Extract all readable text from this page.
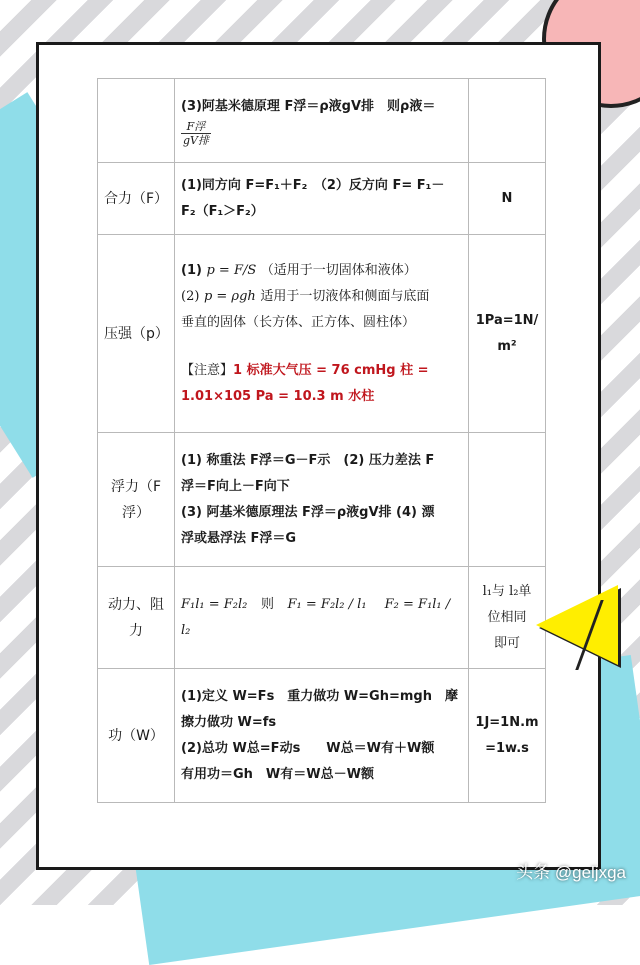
	(3)阿基米德原理 F浮＝ρ液gV排　则ρ液＝
$\frac{\text{F浮}}{\text{gV排}}$

合力（F）	(1)同方向 F=F₁＋F₂　（2）反方向 F= F₁－
F₂（F₁＞F₂）	N
压强（p）	(1) p = F/S （适用于一切固体和液体）
(2) p = ρgh 适用于一切液体和侧面与底面
垂直的固体（长方体、正方体、圆柱体）
【注意】1 标准大气压 = 76 cmHg 柱 =
1.01×105 Pa = 10.3 m 水柱	1Pa=1N/
m²

浮力（F
浮）	(1) 称重法 F浮＝G－F示　(2) 压力差法 F
浮＝F向上－F向下
(3) 阿基米德原理法 F浮＝ρ液gV排 (4) 漂
浮或悬浮法 F浮＝G	

动力、阻
力	F₁l₁ = F₂l₂ 则 F₁ = F₂l₂ / l₁ F₂ = F₁l₁ / l₂	l₁与 l₂单
位相同
即可

功（W）	(1)定义 W=Fs　重力做功 W=Gh=mgh　摩
擦力做功 W=fs
(2)总功 W总=F动s　　W总＝W有＋W额
有用功＝Gh　W有＝W总－W额	1J=1N.m
=1w.s
头条 @geljxga
